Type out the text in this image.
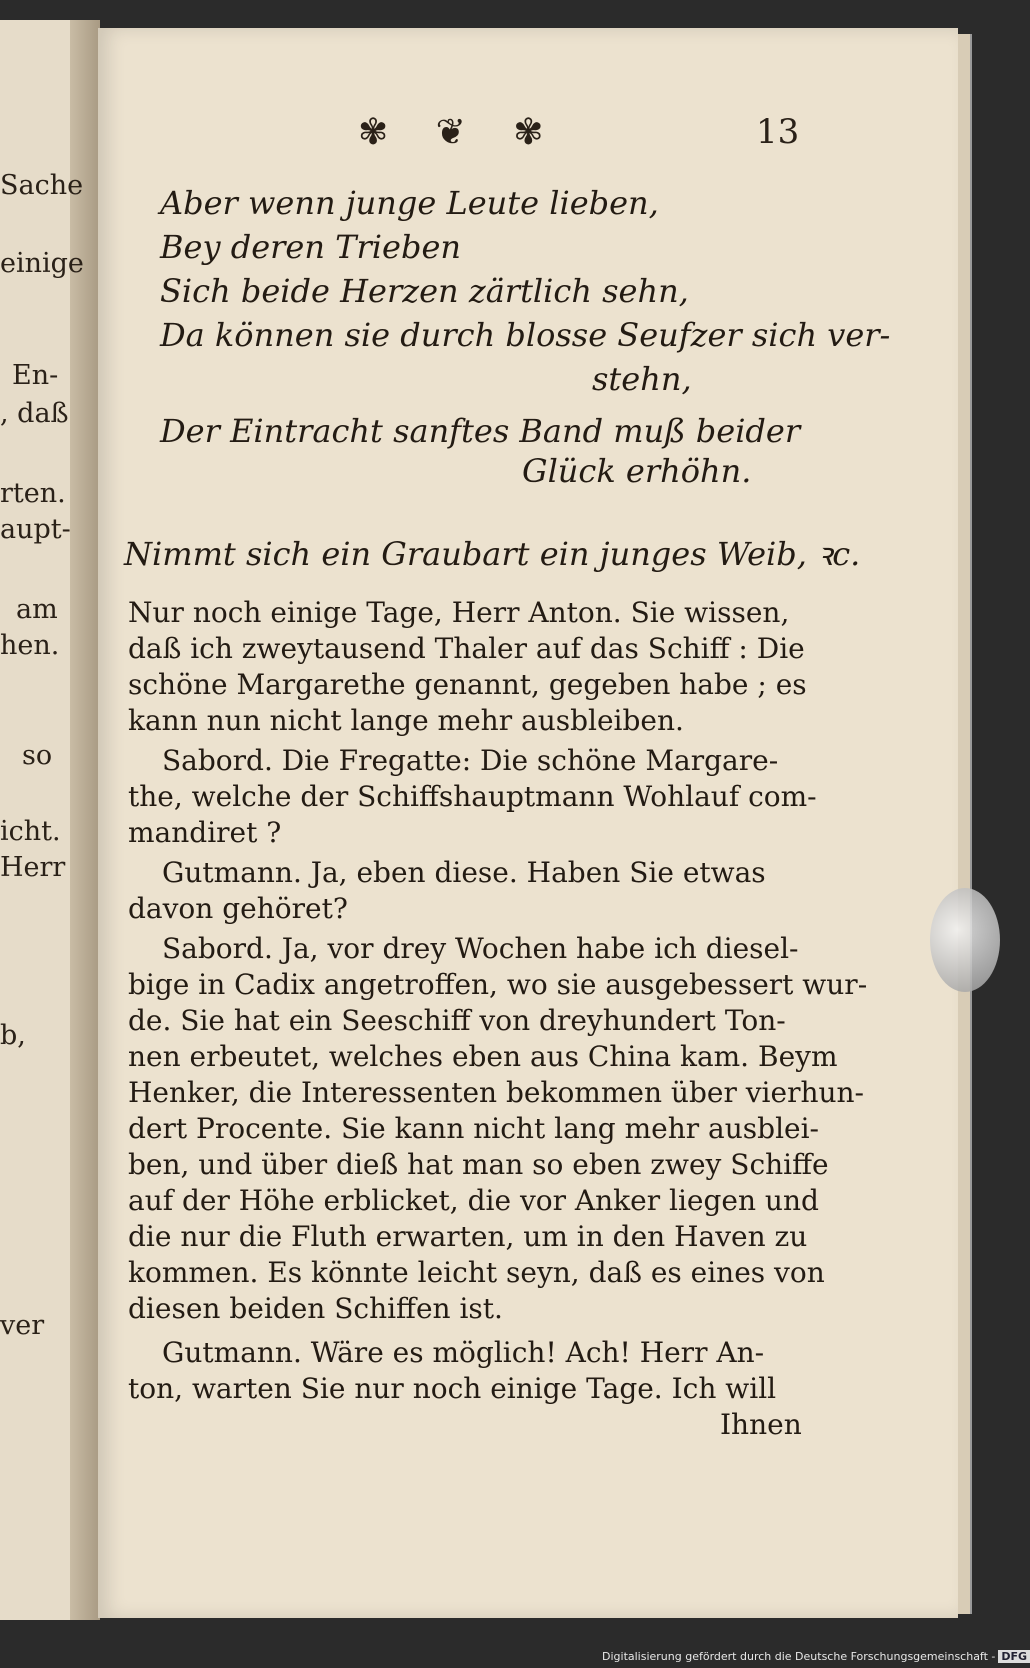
Sache
einige
En-
, daß
rten.
aupt-
am
hen.
so
icht.
Herr
b,
ver
✾ ❦ ✾	13
Aber wenn junge Leute lieben,
Bey deren Trieben
Sich beide Herzen zärtlich sehn,
Da können sie durch blosse Seufzer sich ver-
stehn,
Der Eintracht sanftes Band muß beider
Glück erhöhn.
Nimmt sich ein Graubart ein junges Weib, ꝛc.
Nur noch einige Tage, Herr Anton. Sie wissen,
daß ich zweytausend Thaler auf das Schiff : Die
schöne Margarethe genannt, gegeben habe ; es
kann nun nicht lange mehr ausbleiben.
Sabord. Die Fregatte: Die schöne Margare-
the, welche der Schiffshauptmann Wohlauf com-
mandiret ?
Gutmann. Ja, eben diese. Haben Sie etwas
davon gehöret?
Sabord. Ja, vor drey Wochen habe ich diesel-
bige in Cadix angetroffen, wo sie ausgebessert wur-
de. Sie hat ein Seeschiff von dreyhundert Ton-
nen erbeutet, welches eben aus China kam. Beym
Henker, die Interessenten bekommen über vierhun-
dert Procente. Sie kann nicht lang mehr ausblei-
ben, und über dieß hat man so eben zwey Schiffe
auf der Höhe erblicket, die vor Anker liegen und
die nur die Fluth erwarten, um in den Haven zu
kommen. Es könnte leicht seyn, daß es eines von
diesen beiden Schiffen ist.
Gutmann. Wäre es möglich! Ach! Herr An-
ton, warten Sie nur noch einige Tage. Ich will
Ihnen
Digitalisierung gefördert durch die Deutsche Forschungsgemeinschaft - DFG
